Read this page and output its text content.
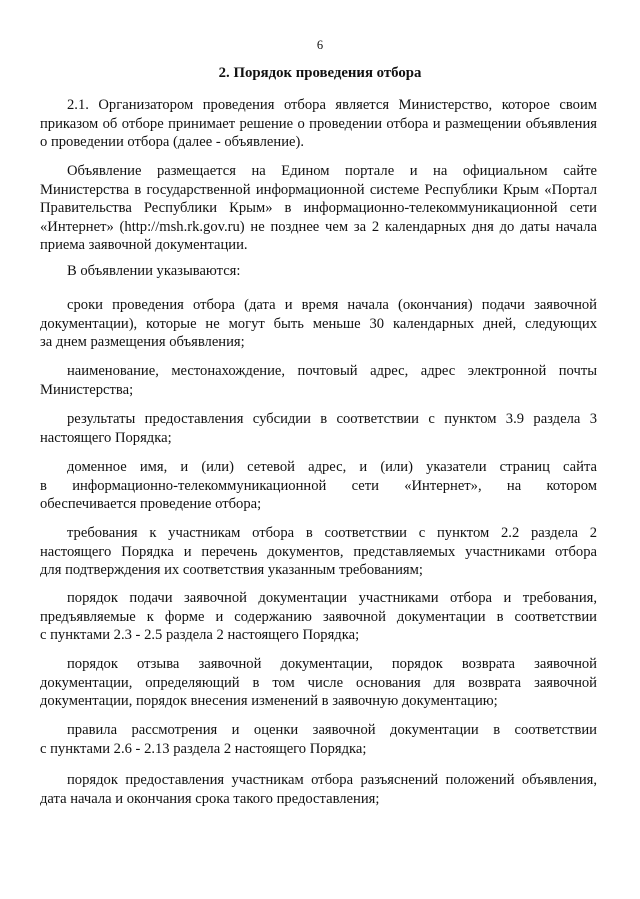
6
2. Порядок проведения отбора
2.1. Организатором проведения отбора является Министерство, которое своим
приказом об отборе принимает решение о проведении отбора и размещении объявления
о проведении отбора (далее - объявление).
Объявление размещается на Едином портале и на официальном сайте
Министерства в государственной информационной системе Республики Крым «Портал
Правительства Республики Крым» в информационно-телекоммуникационной сети
«Интернет» (http://msh.rk.gov.ru) не позднее чем за 2 календарных дня до даты начала
приема заявочной документации.
В объявлении указываются:
сроки проведения отбора (дата и время начала (окончания) подачи заявочной
документации), которые не могут быть меньше 30 календарных дней, следующих
за днем размещения объявления;
наименование, местонахождение, почтовый адрес, адрес электронной почты
Министерства;
результаты предоставления субсидии в соответствии с пунктом 3.9 раздела 3
настоящего Порядка;
доменное имя, и (или) сетевой адрес, и (или) указатели страниц сайта
в информационно-телекоммуникационной сети «Интернет», на котором
обеспечивается проведение отбора;
требования к участникам отбора в соответствии с пунктом 2.2 раздела 2
настоящего Порядка и перечень документов, представляемых участниками отбора
для подтверждения их соответствия указанным требованиям;
порядок подачи заявочной документации участниками отбора и требования,
предъявляемые к форме и содержанию заявочной документации в соответствии
с пунктами 2.3 - 2.5 раздела 2 настоящего Порядка;
порядок отзыва заявочной документации, порядок возврата заявочной
документации, определяющий в том числе основания для возврата заявочной
документации, порядок внесения изменений в заявочную документацию;
правила рассмотрения и оценки заявочной документации в соответствии
с пунктами 2.6 - 2.13 раздела 2 настоящего Порядка;
порядок предоставления участникам отбора разъяснений положений объявления,
дата начала и окончания срока такого предоставления;
